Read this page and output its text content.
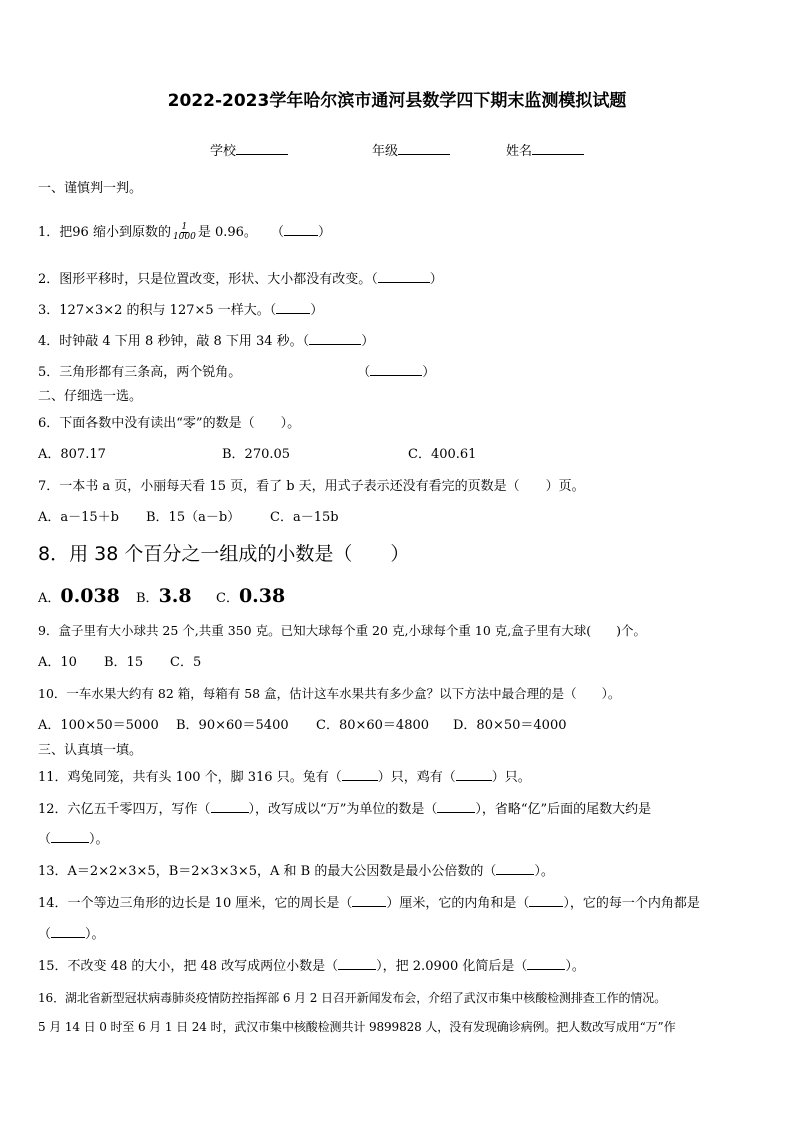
2022-2023学年哈尔滨市通河县数学四下期末监测模拟试题
学校	年级	姓名
一、谨慎判一判。
1．把96 缩小到原数的 $\frac{1}{1000}$ 是 0.96。 （	）
2．图形平移时，只是位置改变，形状、大小都没有改变。（	）
3．127×3×2 的积与 127×5 一样大。（	）
4．时钟敲 4 下用 8 秒钟，敲 8 下用 34 秒。（	）
5．三角形都有三条高，两个锐角。	（	）
二、仔细选一选。
6．下面各数中没有读出“零”的数是（　　）。
A．807.17	B．270.05	C．400.61
7．一本书 a 页，小丽每天看 15 页，看了 b 天，用式子表示还没有看完的页数是（　　）页。
A．a－15＋b B．15（a－b） C．a－15b
8．用 38 个百分之一组成的小数是（　　）
A．0.038 B．3.8 C．0.38
9．盒子里有大小球共 25 个,共重 350 克。已知大球每个重 20 克,小球每个重 10 克,盒子里有大球(　　)个。
A．10 B．15 C．5
10．一车水果大约有 82 箱，每箱有 58 盒，估计这车水果共有多少盒？以下方法中最合理的是（　　）。
A．100×50＝5000 B．90×60＝5400 C．80×60＝4800 D．80×50＝4000
三、认真填一填。
11．鸡兔同笼，共有头 100 个，脚 316 只。兔有（	）只，鸡有（	）只。
12．六亿五千零四万，写作（	），改写成以“万”为单位的数是（	），省略“亿”后面的尾数大约是
（	）。
13．A＝2×2×3×5，B＝2×3×3×5，A 和 B 的最大公因数是最小公倍数的（	）。
14．一个等边三角形的边长是 10 厘米，它的周长是（	）厘米，它的内角和是（	），它的每一个内角都是
（	）。
15．不改变 48 的大小，把 48 改写成两位小数是（	），把 2.0900 化简后是（	）。
16．湖北省新型冠状病毒肺炎疫情防控指挥部 6 月 2 日召开新闻发布会，介绍了武汉市集中核酸检测排查工作的情况。
5 月 14 日 0 时至 6 月 1 日 24 时，武汉市集中核酸检测共计 9899828 人，没有发现确诊病例。把人数改写成用“万”作
